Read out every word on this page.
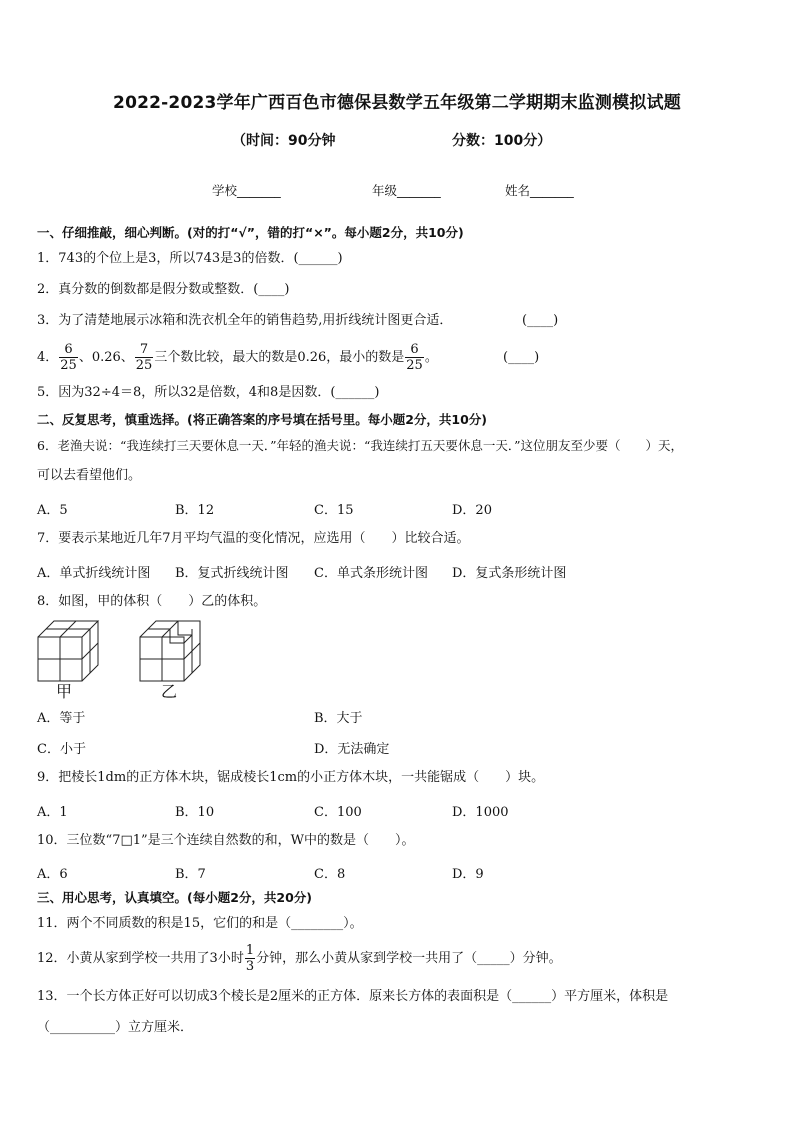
2022-2023学年广西百色市德保县数学五年级第二学期期末监测模拟试题
（时间：90分钟	分数：100分）
学校_______	年级_______	姓名_______
一、仔细推敲，细心判断。(对的打“√”，错的打“×”。每小题2分，共10分)
1．743的个位上是3，所以743是3的倍数．(______)
2．真分数的倒数都是假分数或整数．(____)
3．为了清楚地展示冰箱和洗衣机全年的销售趋势,用折线统计图更合适．	(____)
4． $\frac{6}{25}$ 、0.26、 $\frac{7}{25}$ 三个数比较，最大的数是0.26，最小的数是 $\frac{6}{25}$ 。	(____)
5．因为32÷4＝8，所以32是倍数，4和8是因数．(______)
二、反复思考，慎重选择。(将正确答案的序号填在括号里。每小题2分，共10分)
6．老渔夫说：“我连续打三天要休息一天．”年轻的渔夫说：“我连续打五天要休息一天．”这位朋友至少要（　　）天，
可以去看望他们。
A．5	B．12	C．15	D．20
7．要表示某地近几年7月平均气温的变化情况，应选用（　　）比较合适。
A．单式折线统计图 B．复式折线统计图 C．单式条形统计图 D．复式条形统计图
8．如图，甲的体积（　　）乙的体积。
甲	乙
A．等于	B．大于
C．小于	D．无法确定
9．把棱长1dm的正方体木块，锯成棱长1cm的小正方体木块，一共能锯成（　　）块。
A．1	B．10	C．100	D．1000
10．三位数“7□1”是三个连续自然数的和，W中的数是（　　）。
A．6	B．7	C．8	D．9
三、用心思考，认真填空。(每小题2分，共20分)
11．两个不同质数的积是15，它们的和是（________）。
12．小黄从家到学校一共用了3小时 $\frac{1}{3}$ 分钟，那么小黄从家到学校一共用了（_____）分钟。
13．一个长方体正好可以切成3个棱长是2厘米的正方体．原来长方体的表面积是（______）平方厘米，体积是
（__________）立方厘米．
